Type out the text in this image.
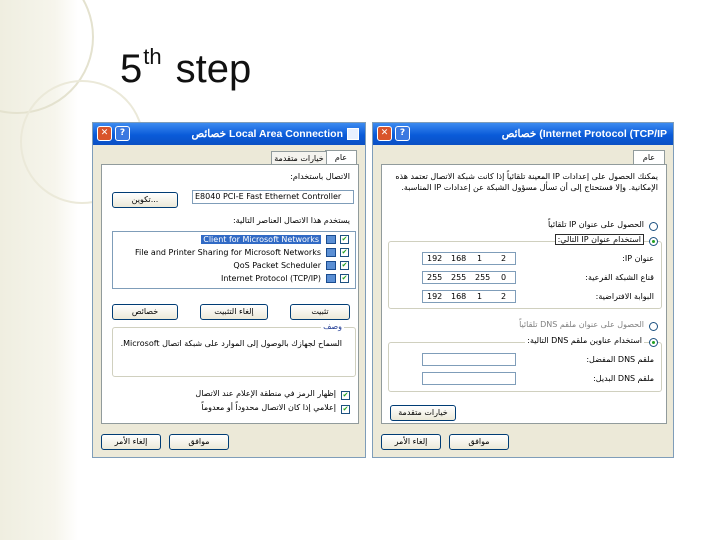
5th step
✕	?	خصائص Local Area Connection
عام
خيارات متقدمة
الاتصال باستخدام:
E8040 PCI-E Fast Ethernet Controller
تكوين...
يستخدم هذا الاتصال العناصر التالية:
✔
Client for Microsoft Networks
✔
File and Printer Sharing for Microsoft Networks
✔
QoS Packet Scheduler
✔
Internet Protocol (TCP/IP)
تثبيت
إلغاء التثبيت
خصائص
وصف
السماح لجهازك بالوصول إلى الموارد على شبكة اتصال Microsoft.
✔
إظهار الرمز في منطقة الإعلام عند الاتصال
✔
إعلامي إذا كان الاتصال محدوداً أو معدوماً
موافق
إلغاء الأمر
✕	?	خصائص (Internet Protocol (TCP/IP
عام
يمكنك الحصول على إعدادات IP المعينة تلقائياً إذا كانت شبكة الاتصال تعتمد هذه الإمكانية. وإلا فستحتاج إلى أن تسأل مسؤول الشبكة عن إعدادات IP المناسبة.
الحصول على عنوان IP تلقائياً
استخدام عنوان IP التالي:
عنوان IP:
192 168 1 2
قناع الشبكة الفرعية:
255 255 255 0
البوابة الافتراضية:
192 168 1 2
الحصول على عنوان ملقم DNS تلقائياً
استخدام عناوين ملقم DNS التالية:
ملقم DNS المفضل:
ملقم DNS البديل:
خيارات متقدمة
موافق
إلغاء الأمر
